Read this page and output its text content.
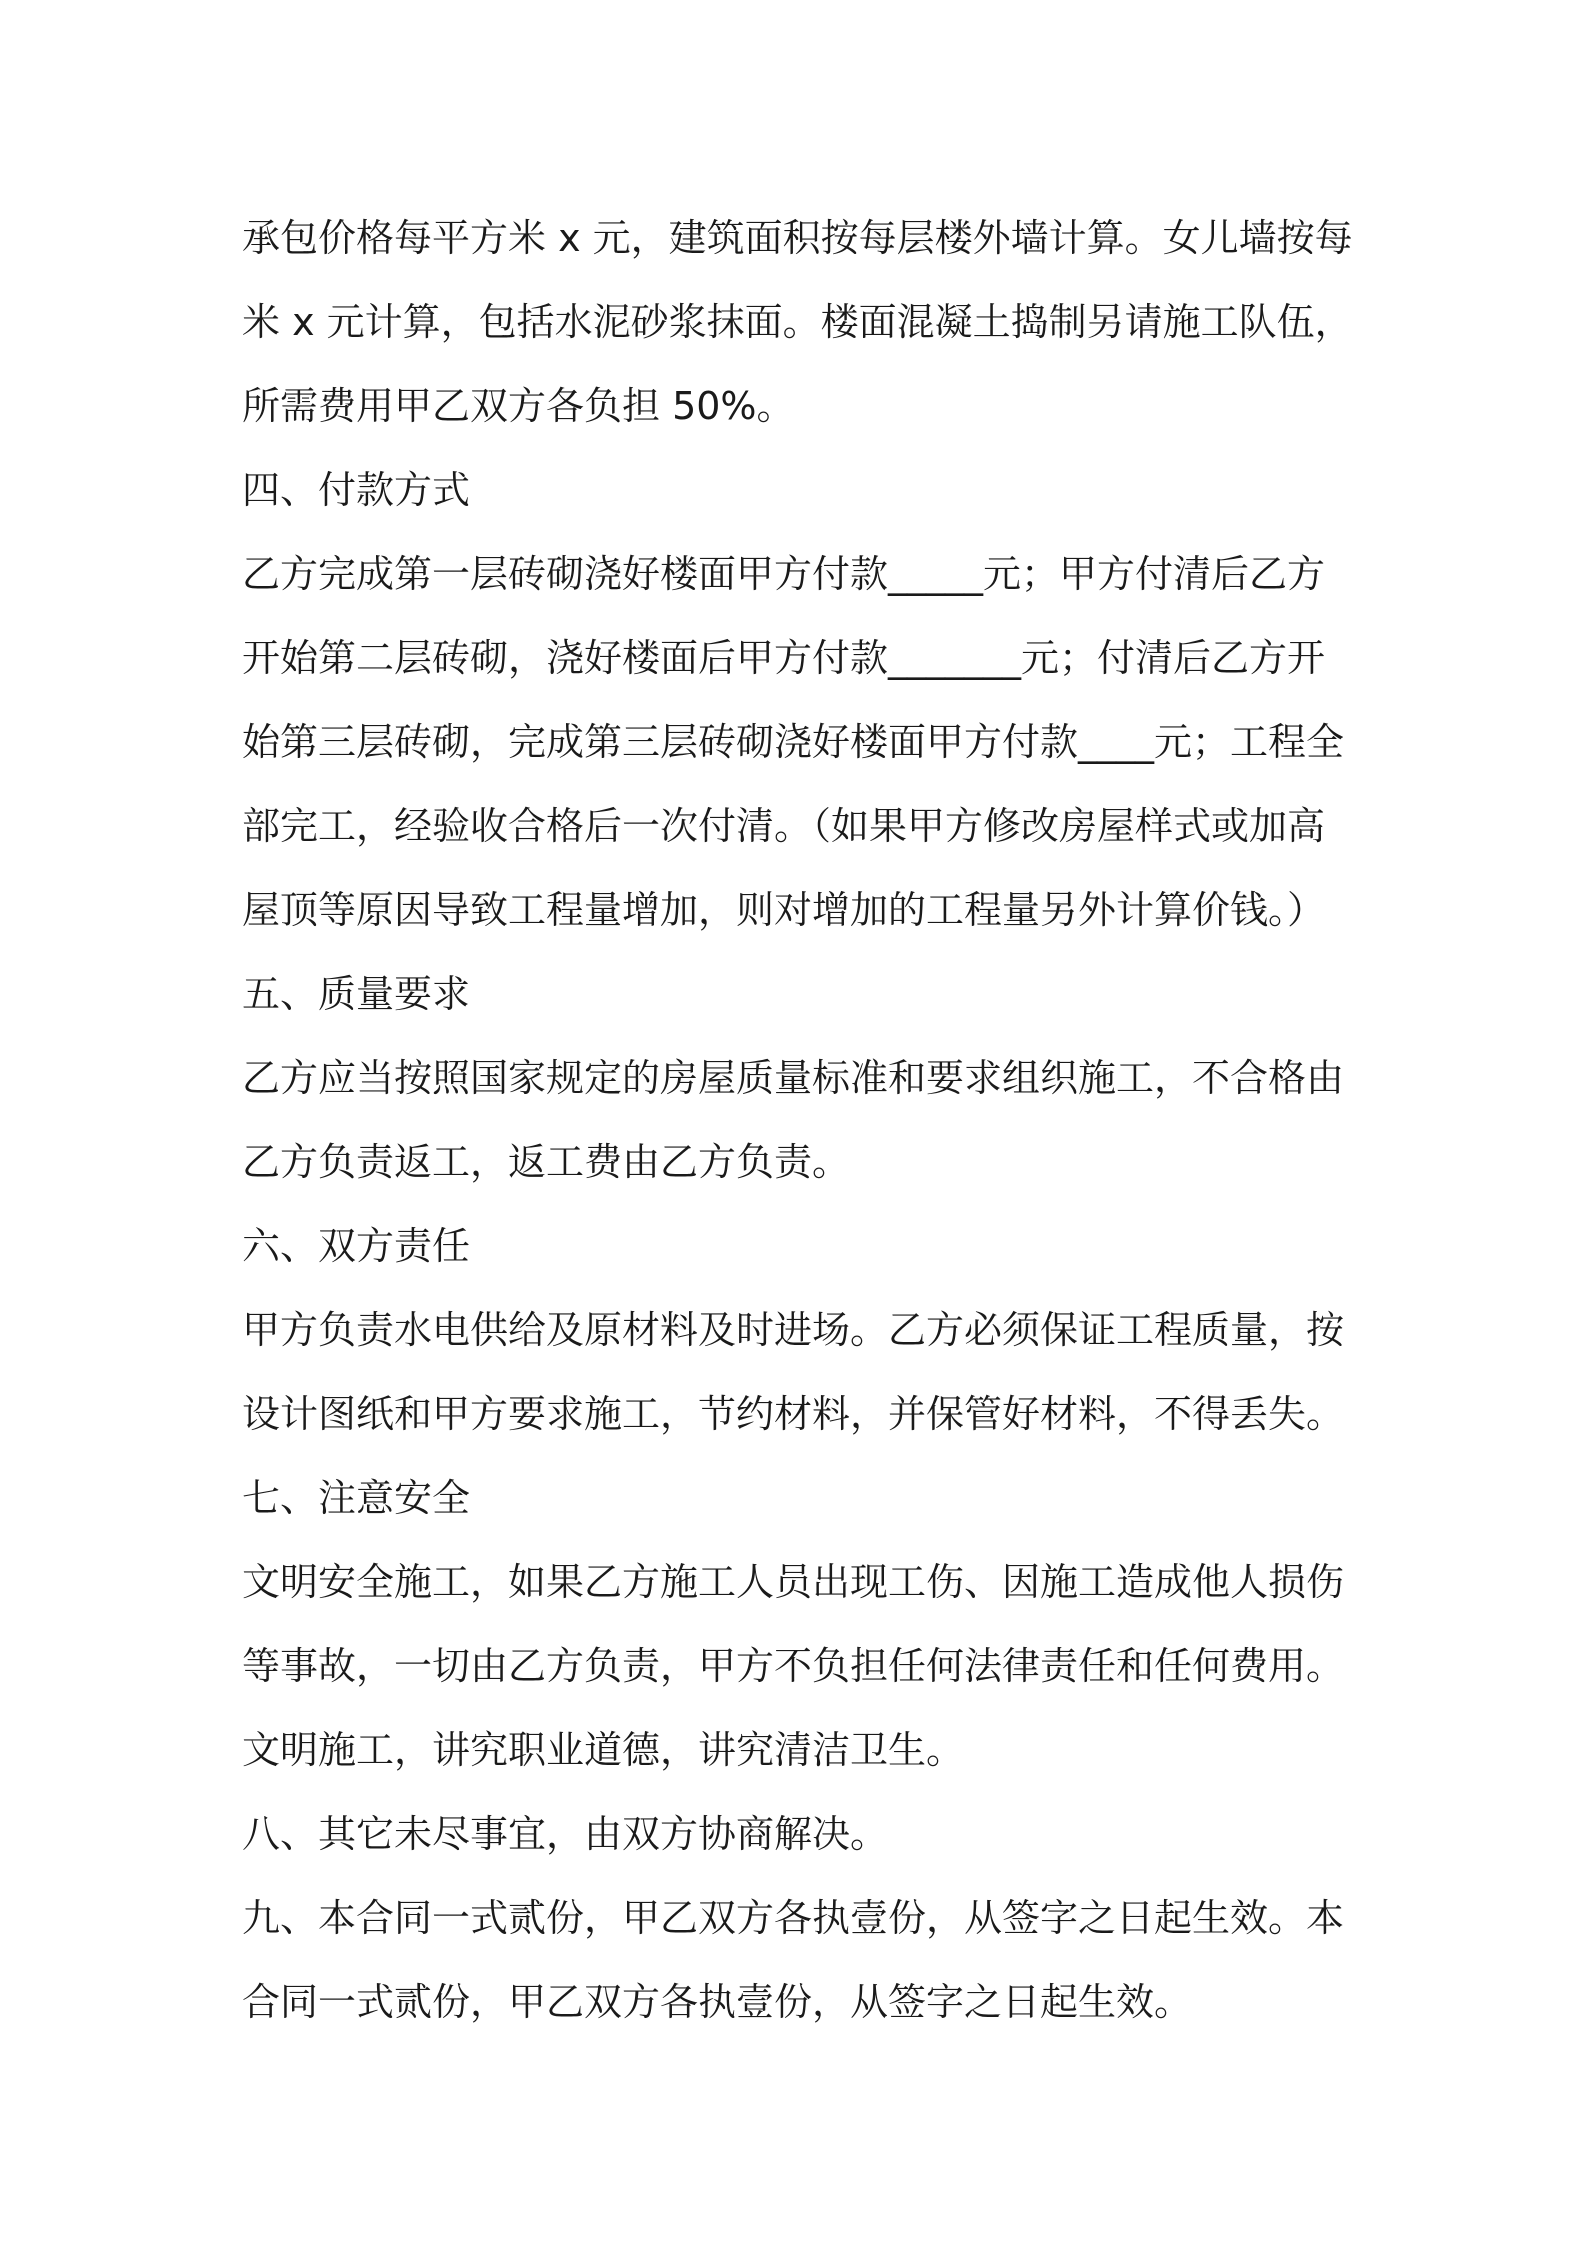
承包价格每平方米 x 元，建筑面积按每层楼外墙计算。女儿墙按每米 x 元计算，包括水泥砂浆抹面。楼面混凝土捣制另请施工队伍，所需费用甲乙双方各负担 50%。

四、付款方式

乙方完成第一层砖砌浇好楼面甲方付款_____元；甲方付清后乙方开始第二层砖砌，浇好楼面后甲方付款_______元；付清后乙方开始第三层砖砌，完成第三层砖砌浇好楼面甲方付款____元；工程全部完工，经验收合格后一次付清。（如果甲方修改房屋样式或加高屋顶等原因导致工程量增加，则对增加的工程量另外计算价钱。）

五、质量要求

乙方应当按照国家规定的房屋质量标准和要求组织施工，不合格由乙方负责返工，返工费由乙方负责。

六、双方责任

甲方负责水电供给及原材料及时进场。乙方必须保证工程质量，按设计图纸和甲方要求施工，节约材料，并保管好材料，不得丢失。

七、注意安全

文明安全施工，如果乙方施工人员出现工伤、因施工造成他人损伤等事故，一切由乙方负责，甲方不负担任何法律责任和任何费用。文明施工，讲究职业道德，讲究清洁卫生。

八、其它未尽事宜，由双方协商解决。

九、本合同一式贰份，甲乙双方各执壹份，从签字之日起生效。本合同一式贰份，甲乙双方各执壹份，从签字之日起生效。
